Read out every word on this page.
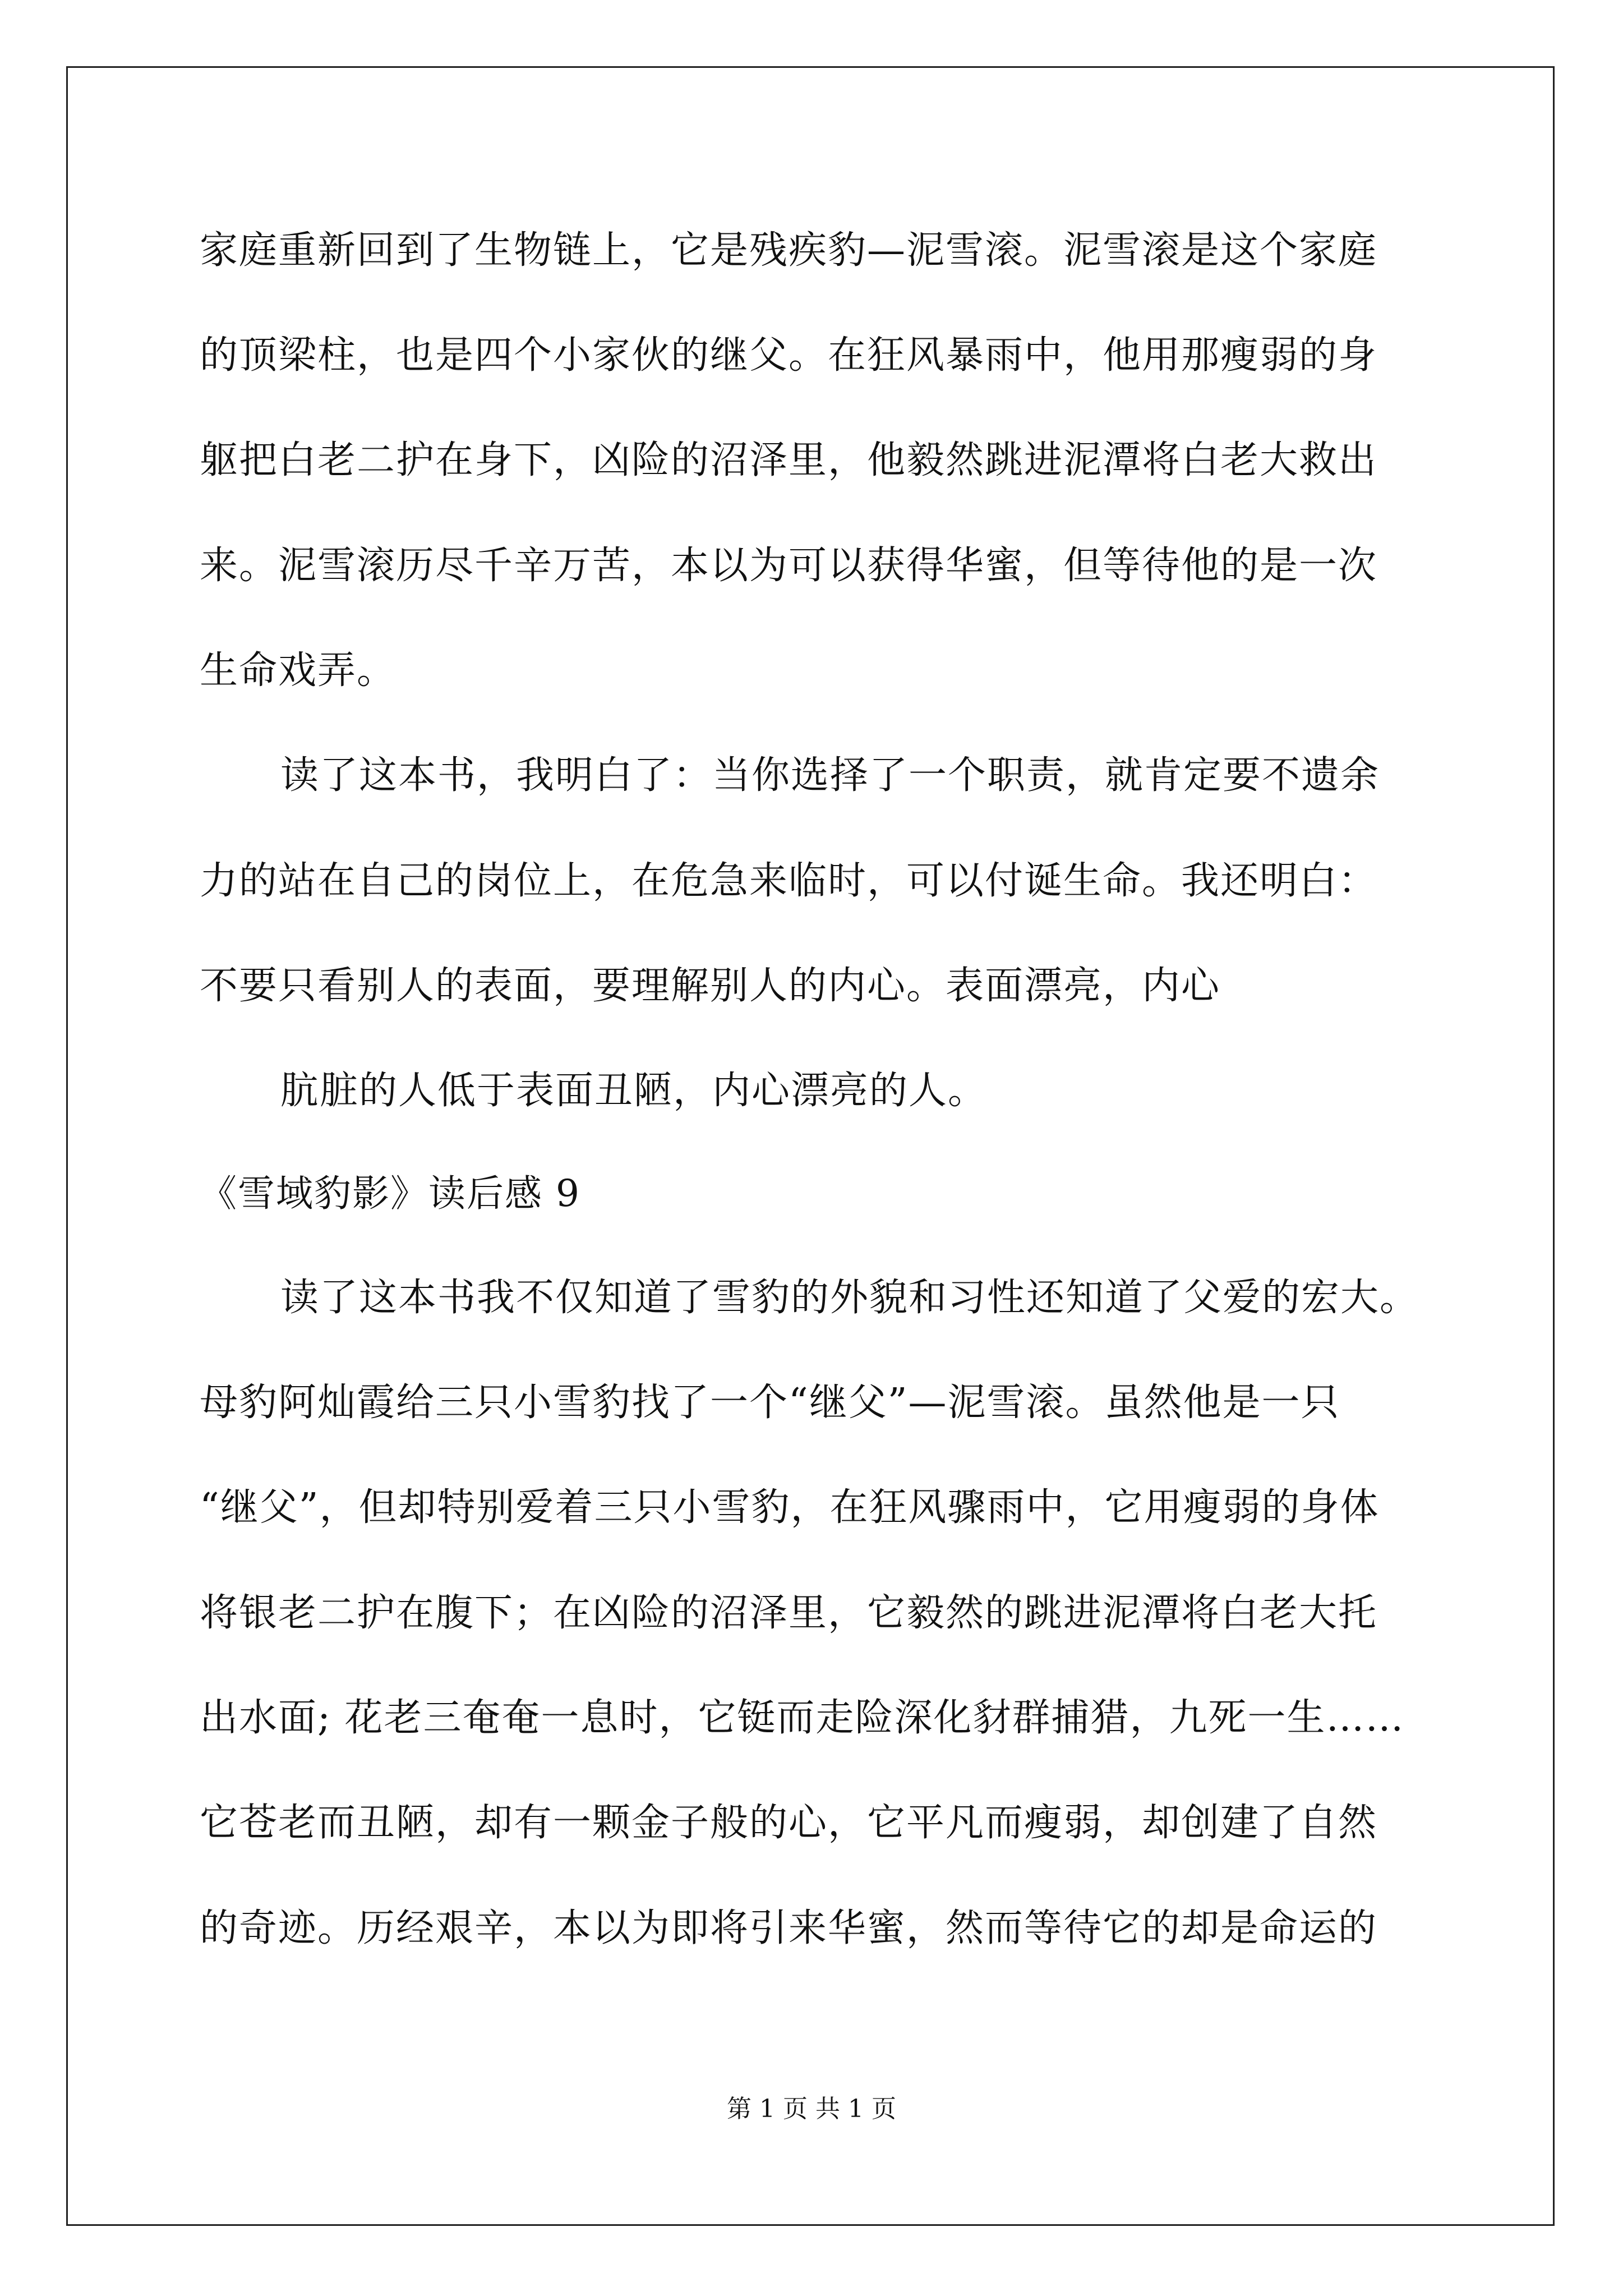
家庭重新回到了生物链上，它是残疾豹—泥雪滚。泥雪滚是这个家庭
的顶梁柱，也是四个小家伙的继父。在狂风暴雨中，他用那瘦弱的身
躯把白老二护在身下，凶险的沼泽里，他毅然跳进泥潭将白老大救出
来。泥雪滚历尽千辛万苦，本以为可以获得华蜜，但等待他的是一次
生命戏弄。
读了这本书，我明白了：当你选择了一个职责，就肯定要不遗余
力的站在自己的岗位上，在危急来临时，可以付诞生命。我还明白：
不要只看别人的表面，要理解别人的内心。表面漂亮，内心
肮脏的人低于表面丑陋，内心漂亮的人。
《雪域豹影》读后感 9
读了这本书我不仅知道了雪豹的外貌和习性还知道了父爱的宏大。
母豹阿灿霞给三只小雪豹找了一个“继父”—泥雪滚。虽然他是一只
“继父”，但却特别爱着三只小雪豹，在狂风骤雨中，它用瘦弱的身体
将银老二护在腹下；在凶险的沼泽里，它毅然的跳进泥潭将白老大托
出水面; 花老三奄奄一息时，它铤而走险深化豺群捕猎，九死一生……
它苍老而丑陋，却有一颗金子般的心，它平凡而瘦弱，却创建了自然
的奇迹。历经艰辛，本以为即将引来华蜜，然而等待它的却是命运的
第 1 页 共 1 页
